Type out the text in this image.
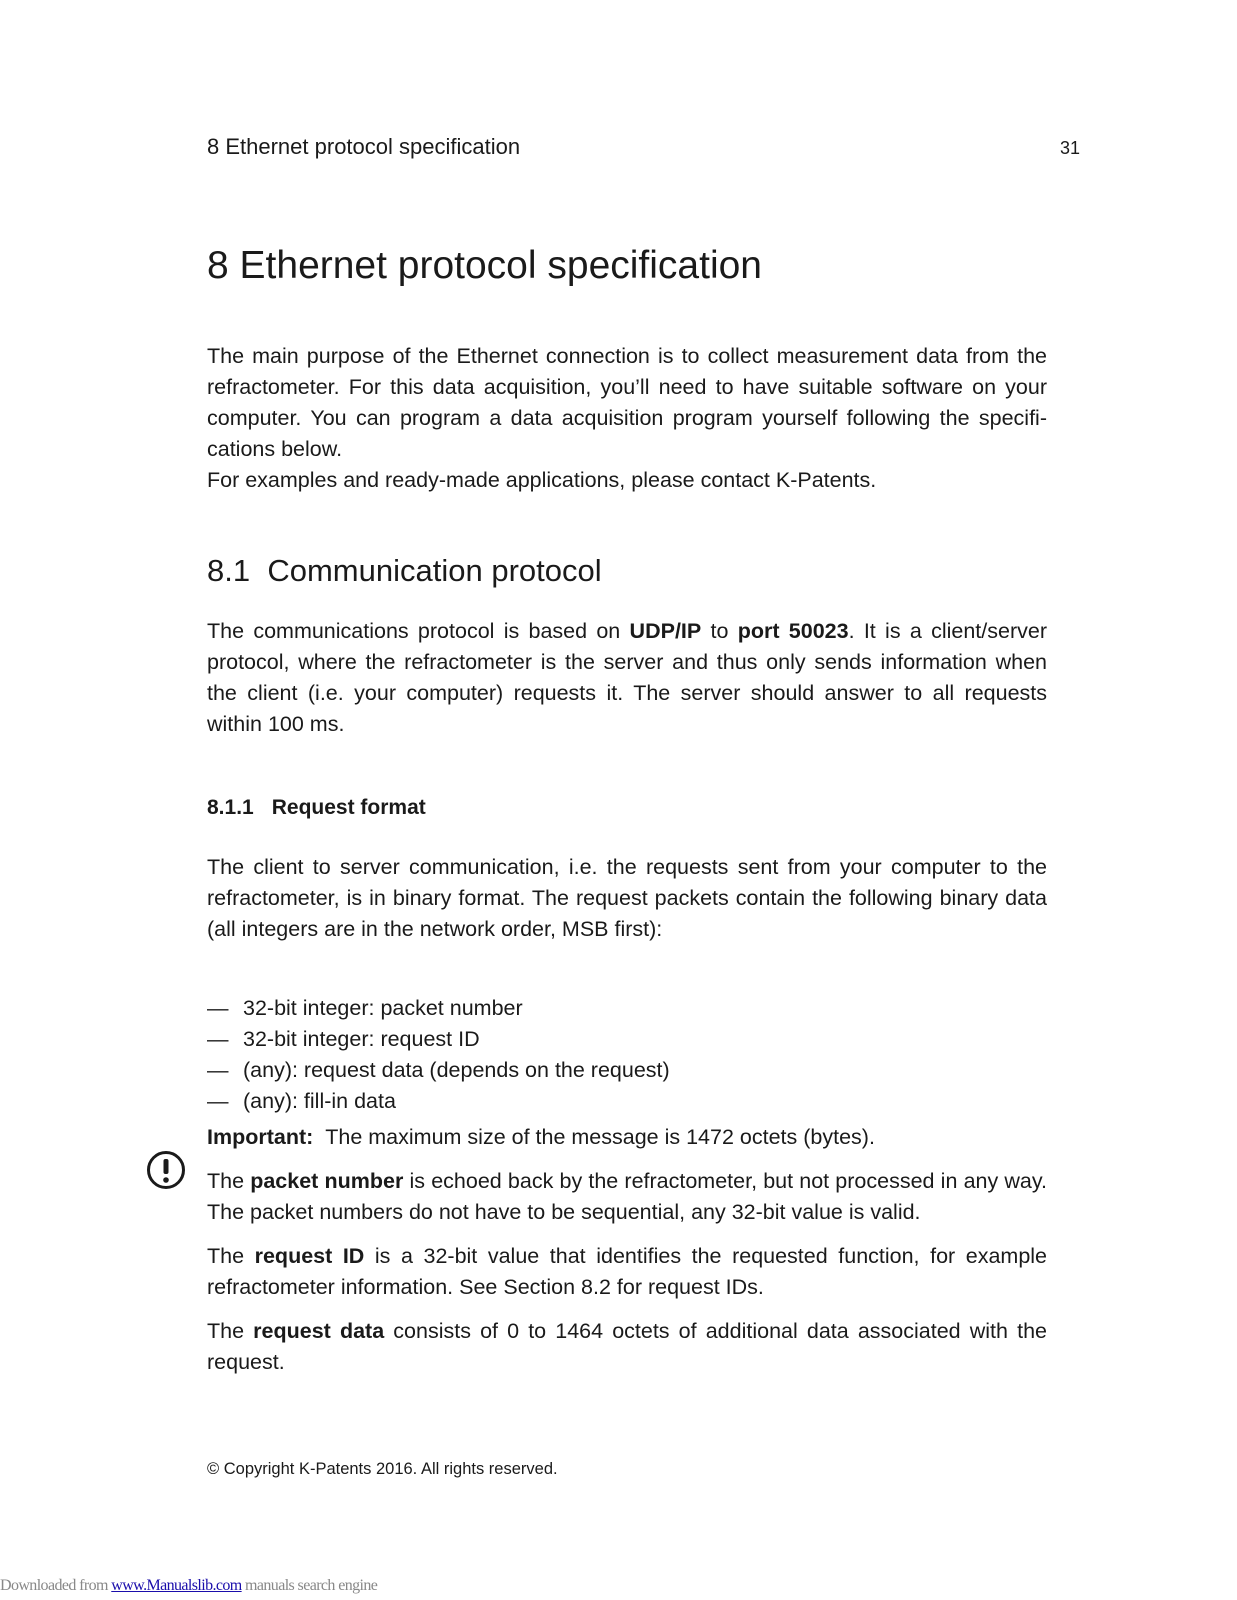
8 Ethernet protocol specification	31
8 Ethernet protocol specification

The main purpose of the Ethernet connection is to collect measurement data from the refractometer. For this data acquisition, you’ll need to have suitable software on your computer. You can program a data acquisition program yourself following the specifi-cations below.

For examples and ready-made applications, please contact K-Patents.

8.1 Communication protocol

The communications protocol is based on UDP/IP to port 50023. It is a client/server protocol, where the refractometer is the server and thus only sends information when the client (i.e. your computer) requests it. The server should answer to all requests within 100 ms.

8.1.1 Request format

The client to server communication, i.e. the requests sent from your computer to the refractometer, is in binary format. The request packets contain the following binary data (all integers are in the network order, MSB first):

— 32-bit integer: packet number
— 32-bit integer: request ID
— (any): request data (depends on the request)
— (any): fill-in data

Important: The maximum size of the message is 1472 octets (bytes).

The packet number is echoed back by the refractometer, but not processed in any way. The packet numbers do not have to be sequential, any 32-bit value is valid.

The request ID is a 32-bit value that identifies the requested function, for example refractometer information. See Section 8.2 for request IDs.

The request data consists of 0 to 1464 octets of additional data associated with the request.

© Copyright K-Patents 2016. All rights reserved.
Downloaded from www.Manualslib.com manuals search engine
